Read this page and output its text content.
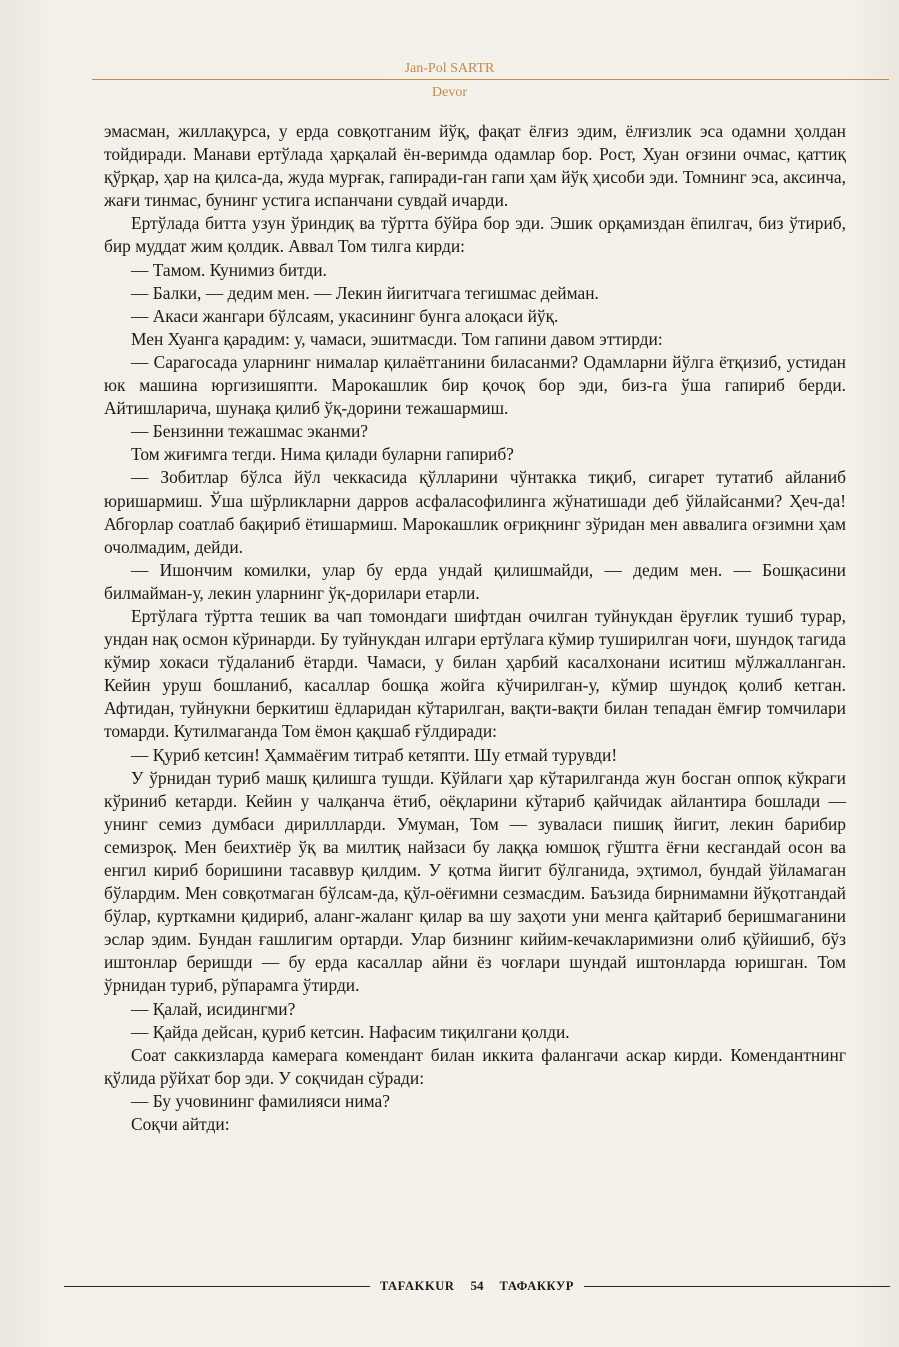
Jan-Pol SARTR
Devor

эмасман, жиллақурса, у ерда совқотганим йўқ, фақат ёлғиз эдим, ёлғизлик эса одамни ҳолдан тойдиради. Манави ертўлада ҳарқалай ён-веримда одамлар бор. Рост, Хуан оғзини очмас, қаттиқ қўрқар, ҳар на қилса-да, жуда мурғак, гапиради-ган гапи ҳам йўқ ҳисоби эди. Томнинг эса, аксинча, жағи тинмас, бунинг устига испанчани сувдай ичарди.

Ертўлада битта узун ўриндиқ ва тўртта бўйра бор эди. Эшик орқамиздан ёпилгач, биз ўтириб, бир муддат жим қолдик. Аввал Том тилга кирди:

— Тамом. Кунимиз битди.

— Балки, — дедим мен. — Лекин йигитчага тегишмас дейман.

— Акаси жангари бўлсаям, укасининг бунга алоқаси йўқ.

Мен Хуанга қарадим: у, чамаси, эшитмасди. Том гапини давом эттирди:

— Сарагосада уларнинг нималар қилаётганини биласанми? Одамларни йўлга ётқизиб, устидан юк машина юргизишяпти. Марокашлик бир қочоқ бор эди, биз-га ўша гапириб берди. Айтишларича, шунақа қилиб ўқ-дорини тежашармиш.

— Бензинни тежашмас эканми?

Том жиғимга тегди. Нима қилади буларни гапириб?

— Зобитлар бўлса йўл чеккасида қўлларини чўнтакка тиқиб, сигарет тутатиб айланиб юришармиш. Ўша шўрликларни дарров асфаласофилинга жўнатишади деб ўйлайсанми? Ҳеч-да! Абгорлар соатлаб бақириб ётишармиш. Марокашлик оғриқнинг зўридан мен аввалига оғзимни ҳам очолмадим, дейди.

— Ишончим комилки, улар бу ерда ундай қилишмайди, — дедим мен. — Бошқасини билмайман-у, лекин уларнинг ўқ-дорилари етарли.

Ертўлага тўртта тешик ва чап томондаги шифтдан очилган туйнукдан ёруғлик тушиб турар, ундан нақ осмон кўринарди. Бу туйнукдан илгари ертўлага кўмир туширилган чоғи, шундоқ тагида кўмир хокаси тўдаланиб ётарди. Чамаси, у билан ҳарбий касалхонани иситиш мўлжалланган. Кейин уруш бошланиб, касаллар бошқа жойга кўчирилган-у, кўмир шундоқ қолиб кетган. Афтидан, туйнукни беркитиш ёдларидан кўтарилган, вақти-вақти билан тепадан ёмғир томчилари томарди. Кутилмаганда Том ёмон қақшаб ғўлдиради:

— Қуриб кетсин! Ҳаммаёғим титраб кетяпти. Шу етмай турувди!

У ўрнидан туриб машқ қилишга тушди. Кўйлаги ҳар кўтарилганда жун босган оппоқ кўкраги кўриниб кетарди. Кейин у чалқанча ётиб, оёқларини кўтариб қайчидак айлантира бошлади — унинг семиз думбаси дириллларди. Умуман, Том — зуваласи пишиқ йигит, лекин барибир семизроқ. Мен беихтиёр ўқ ва милтиқ найзаси бу лаққа юмшоқ гўштга ёғни кесгандай осон ва енгил кириб боришини тасаввур қилдим. У қотма йигит бўлганида, эҳтимол, бундай ўйламаган бўлардим. Мен совқотмаган бўлсам-да, қўл-оёғимни сезмасдим. Баъзида бирнимамни йўқотгандай бўлар, курткамни қидириб, аланг-жаланг қилар ва шу заҳоти уни менга қайтариб беришмаганини эслар эдим. Бундан ғашлигим ортарди. Улар бизнинг кийим-кечакларимизни олиб қўйишиб, бўз иштонлар беришди — бу ерда касаллар айни ёз чоғлари шундай иштонларда юришган. Том ўрнидан туриб, рўпарамга ўтирди.

— Қалай, исидингми?

— Қайда дейсан, қуриб кетсин. Нафасим тиқилгани қолди.

Соат саккизларда камерага комендант билан иккита фалангачи аскар кирди. Комендантнинг қўлида рўйхат бор эди. У соқчидан сўради:

— Бу учовининг фамилияси нима?

Соқчи айтди:

TAFAKKUR	54	ТАФАККУР
